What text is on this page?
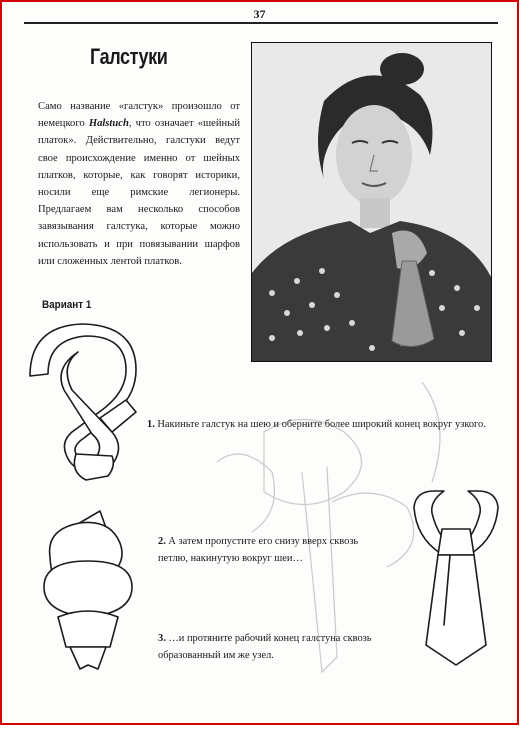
37
Галстуки
Само название «галстук» произошло от немецкого Halstuch, что означает «шейный платок». Действительно, галстуки ведут свое происхождение именно от шейных платков, которые, как говорят историки, носили еще римские легионеры. Предлагаем вам несколько способов завязывания галстука, которые можно использовать и при повязывании шарфов или сложенных лентой платков.
Вариант 1
1. Накиньте галстук на шею и оберните более широкий конец вокруг узкого.
2. А затем пропустите его снизу вверх сквозь петлю, накинутую вокруг шеи…
3. …и протяните рабочий конец галстуна сквозь образованный им же узел.
